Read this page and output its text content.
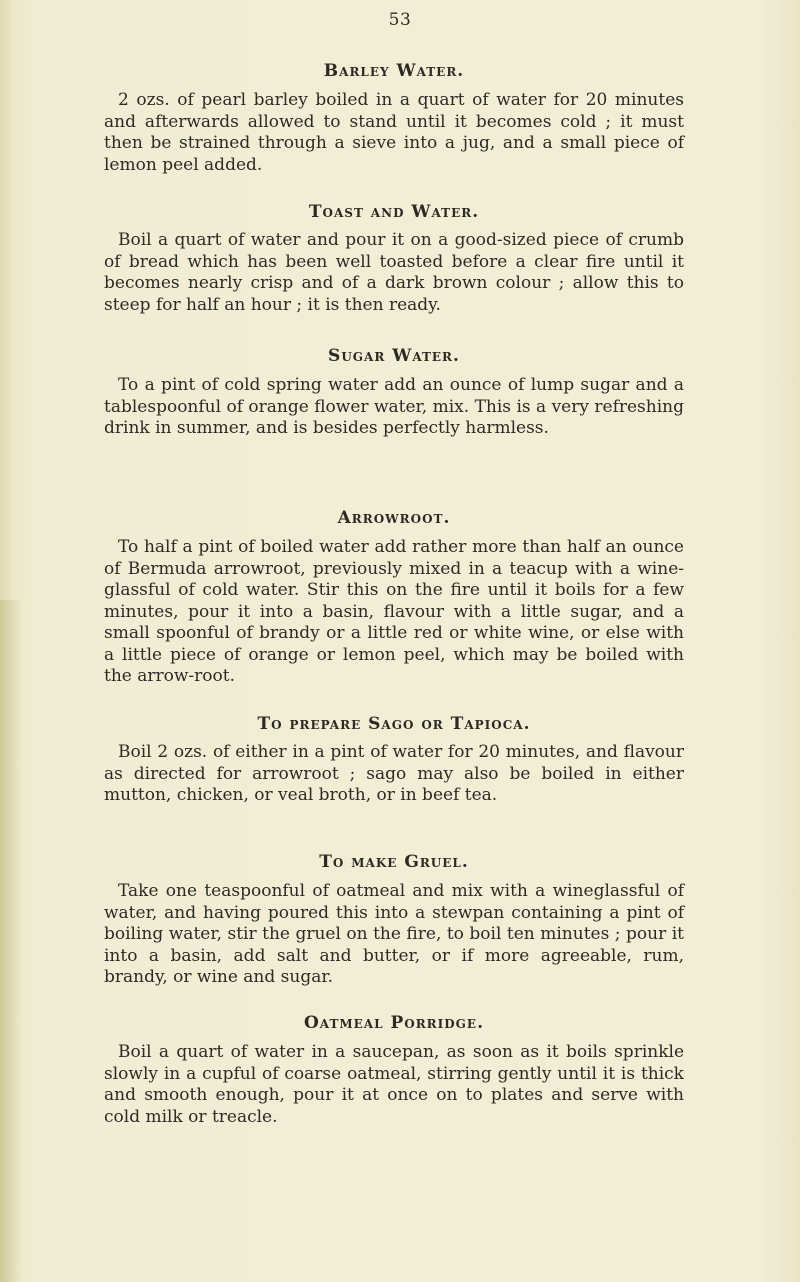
53
Barley Water.

2 ozs. of pearl barley boiled in a quart of water for 20 minutes and afterwards allowed to stand until it becomes cold ; it must then be strained through a sieve into a jug, and a small piece of lemon peel added.

Toast and Water.

Boil a quart of water and pour it on a good-sized piece of crumb of bread which has been well toasted before a clear fire until it becomes nearly crisp and of a dark brown colour ; allow this to steep for half an hour ; it is then ready.

Sugar Water.

To a pint of cold spring water add an ounce of lump sugar and a tablespoonful of orange flower water, mix. This is a very refreshing drink in summer, and is besides perfectly harmless.

Arrowroot.

To half a pint of boiled water add rather more than half an ounce of Bermuda arrowroot, previously mixed in a teacup with a wine-glassful of cold water. Stir this on the fire until it boils for a few minutes, pour it into a basin, flavour with a little sugar, and a small spoonful of brandy or a little red or white wine, or else with a little piece of orange or lemon peel, which may be boiled with the arrow-root.

To prepare Sago or Tapioca.

Boil 2 ozs. of either in a pint of water for 20 minutes, and flavour as directed for arrowroot ; sago may also be boiled in either mutton, chicken, or veal broth, or in beef tea.

To make Gruel.

Take one teaspoonful of oatmeal and mix with a wineglassful of water, and having poured this into a stewpan containing a pint of boiling water, stir the gruel on the fire, to boil ten minutes ; pour it into a basin, add salt and butter, or if more agreeable, rum, brandy, or wine and sugar.

Oatmeal Porridge.

Boil a quart of water in a saucepan, as soon as it boils sprinkle slowly in a cupful of coarse oatmeal, stirring gently until it is thick and smooth enough, pour it at once on to plates and serve with cold milk or treacle.
